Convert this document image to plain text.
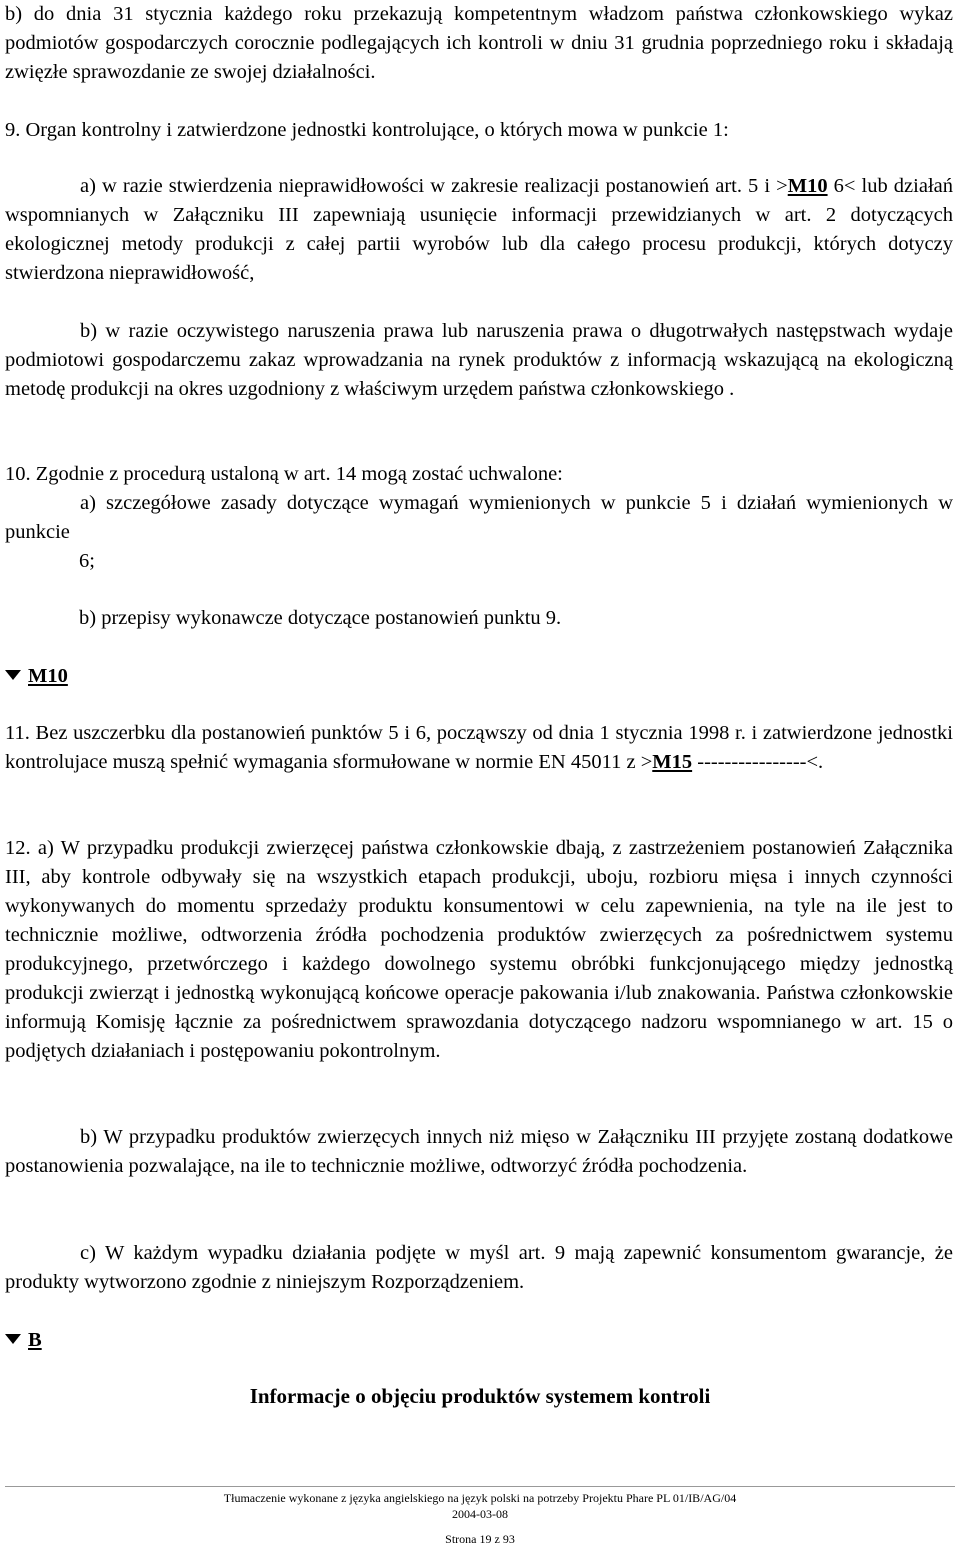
b) do dnia 31 stycznia każdego roku przekazują kompetentnym władzom państwa członkowskiego wykaz podmiotów gospodarczych corocznie podlegających ich kontroli w dniu 31 grudnia poprzedniego roku i składają zwięzłe sprawozdanie ze swojej działalności.

9. Organ kontrolny i zatwierdzone jednostki kontrolujące, o których mowa w punkcie 1:

a) w razie stwierdzenia nieprawidłowości w zakresie realizacji postanowień art. 5 i >M10 6< lub działań wspomnianych w Załączniku III zapewniają usunięcie informacji przewidzianych w art. 2 dotyczących ekologicznej metody produkcji z całej partii wyrobów lub dla całego procesu produkcji, których dotyczy stwierdzona nieprawidłowość,

b) w razie oczywistego naruszenia prawa lub naruszenia prawa o długotrwałych następstwach wydaje podmiotowi gospodarczemu zakaz wprowadzania na rynek produktów z informacją wskazującą na ekologiczną metodę produkcji na okres uzgodniony z właściwym urzędem państwa członkowskiego .

10. Zgodnie z procedurą ustaloną w art. 14 mogą zostać uchwalone:

a) szczegółowe zasady dotyczące wymagań wymienionych w punkcie 5 i działań wymienionych w punkcie

6;
b) przepisy wykonawcze dotyczące postanowień punktu 9.
M10

11. Bez uszczerbku dla postanowień punktów 5 i 6, począwszy od dnia 1 stycznia 1998 r. i zatwierdzone jednostki kontrolujace muszą spełnić wymagania sformułowane w normie EN 45011 z >M15 ----------------<.

12. a) W przypadku produkcji zwierzęcej państwa członkowskie dbają, z zastrzeżeniem postanowień Załącznika III, aby kontrole odbywały się na wszystkich etapach produkcji, uboju, rozbioru mięsa i innych czynności wykonywanych do momentu sprzedaży produktu konsumentowi w celu zapewnienia, na tyle na ile jest to technicznie możliwe, odtworzenia źródła pochodzenia produktów zwierzęcych za pośrednictwem systemu produkcyjnego, przetwórczego i każdego dowolnego systemu obróbki funkcjonującego między jednostką produkcji zwierząt i jednostką wykonującą końcowe operacje pakowania i/lub znakowania. Państwa członkowskie informują Komisję łącznie za pośrednictwem sprawozdania dotyczącego nadzoru wspomnianego w art. 15 o podjętych działaniach i postępowaniu pokontrolnym.

b) W przypadku produktów zwierzęcych innych niż mięso w Załączniku III przyjęte zostaną dodatkowe postanowienia pozwalające, na ile to technicznie możliwe, odtworzyć źródła pochodzenia.

c) W każdym wypadku działania podjęte w myśl art. 9 mają zapewnić konsumentom gwarancje, że produkty wytworzono zgodnie z niniejszym Rozporządzeniem.

B
Informacje o objęciu produktów systemem kontroli
Tłumaczenie wykonane z języka angielskiego na język polski na potrzeby Projektu Phare PL 01/IB/AG/04
2004-03-08
Strona 19 z 93
